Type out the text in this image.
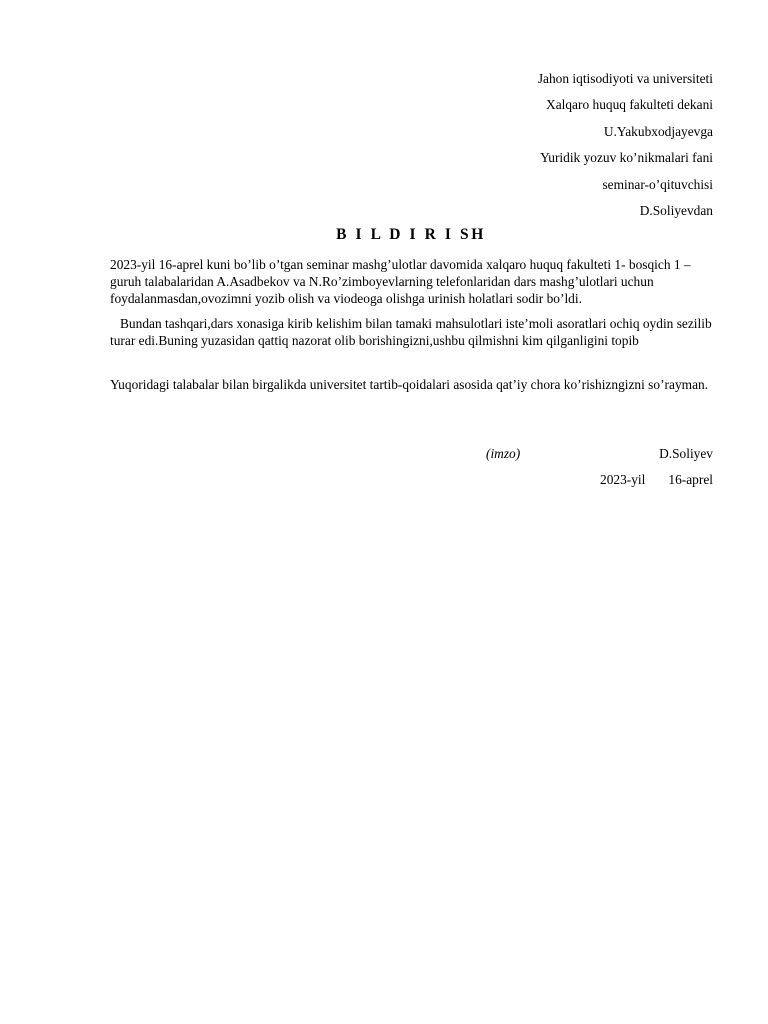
Jahon iqtisodiyoti va universiteti
Xalqaro huquq fakulteti dekani
U.Yakubxodjayevga
Yuridik yozuv ko’nikmalari fani
seminar-o’qituvchisi
D.Soliyevdan
B I L D I R I SH
2023-yil 16-aprel kuni bo’lib o’tgan seminar mashg’ulotlar davomida xalqaro huquq fakulteti 1- bosqich 1 – guruh talabalaridan A.Asadbekov va N.Ro’zimboyevlarning telefonlaridan dars mashg’ulotlari uchun foydalanmasdan,ovozimni yozib olish va viodeoga olishga urinish holatlari sodir bo’ldi.
Bundan tashqari,dars xonasiga kirib kelishim bilan tamaki mahsulotlari iste’moli asoratlari ochiq oydin sezilib turar edi.Buning yuzasidan qattiq nazorat olib borishingizni,ushbu qilmishni kim qilganligini topib
Yuqoridagi talabalar bilan birgalikda universitet tartib-qoidalari asosida qat’iy chora ko’rishizngizni so’rayman.
(imzo)	D.Soliyev
2023-yil 16-aprel
